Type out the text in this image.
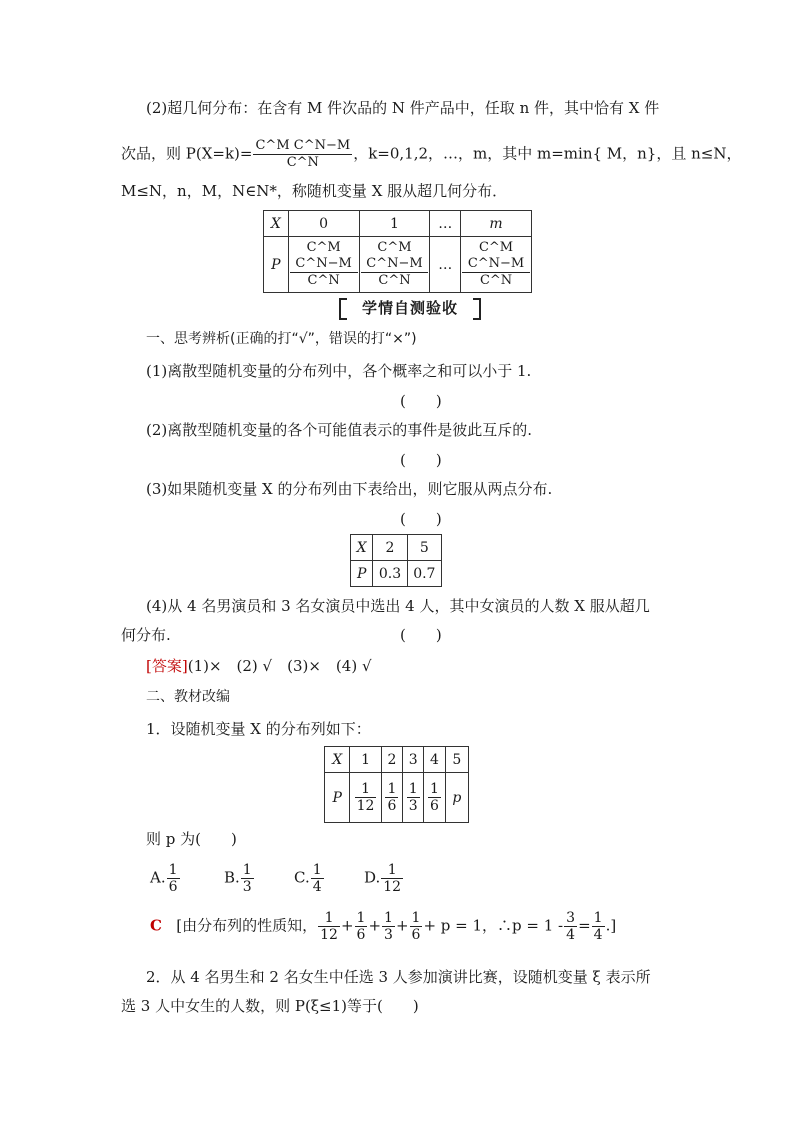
(2)超几何分布：在含有 M 件次品的 N 件产品中，任取 n 件，其中恰有 X 件
次品，则 $P(X=k)= \frac{\text{C\textasciicircum{}M C\textasciicircum{}N−M}}{C\^{}N}$ ，k=0,1,2，…，m，其中 m=min{ M，n}，且 n≤N，
M≤N，n，M，N∈N*，称随机变量 X 服从超几何分布．
X	0	1	…	m
P	$\frac{\text{C\textasciicircum{}M C\textasciicircum{}N−M}}{C\^{}N}$	$\frac{\text{C\textasciicircum{}M C\textasciicircum{}N−M}}{C\^{}N}$	…	$\frac{\text{C\textasciicircum{}M C\textasciicircum{}N−M}}{C\^{}N}$
学情自测验收
一、思考辨析(正确的打“√”，错误的打“×”)
(1)离散型随机变量的分布列中，各个概率之和可以小于 1.
(　　)
(2)离散型随机变量的各个可能值表示的事件是彼此互斥的.
(　　)
(3)如果随机变量 X 的分布列由下表给出，则它服从两点分布.
(　　)
X	2	5
P	0.3	0.7
(4)从 4 名男演员和 3 名女演员中选出 4 人，其中女演员的人数 X 服从超几
何分布.	(　　)
[答案](1)×　(2) √　(3)×　(4) √
二、教材改编
1．设随机变量 X 的分布列如下：
X	1	2	3	4	5
P	$\frac{1}{12}$	$\frac{1}{6}$	$\frac{1}{3}$	$\frac{1}{6}$	p
则 p 为(　　)
A. $\frac{1}{6}$	B. $\frac{1}{3}$	C. $\frac{1}{4}$	D. $\frac{1}{12}$
C [由分布列的性质知， $\frac{1}{12} + \frac{1}{6} + \frac{1}{3} + \frac{1}{6} + p = 1$，∴p = $1 - \frac{3}{4} = \frac{1}{4}$ .]
2．从 4 名男生和 2 名女生中任选 3 人参加演讲比赛，设随机变量 ξ 表示所
选 3 人中女生的人数，则 P(ξ≤1)等于(　　)
